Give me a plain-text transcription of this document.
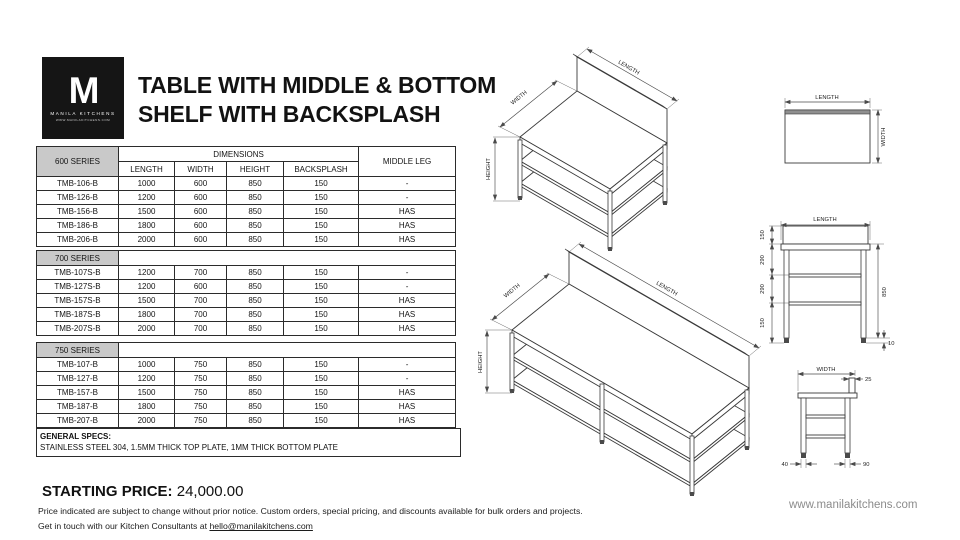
M
MANILA KITCHENS
WWW.MANILAKITCHENS.COM
TABLE WITH MIDDLE & BOTTOM
SHELF WITH BACKSPLASH
600 SERIES	DIMENSIONS				MIDDLE LEG
	LENGTH	WIDTH	HEIGHT	BACKSPLASH	
TMB-106-B	1000	600	850	150	-
TMB-126-B	1200	600	850	150	-
TMB-156-B	1500	600	850	150	HAS
TMB-186-B	1800	600	850	150	HAS
TMB-206-B	2000	600	850	150	HAS
700 SERIES					
TMB-107S-B	1200	700	850	150	-
TMB-127S-B	1200	600	850	150	-
TMB-157S-B	1500	700	850	150	HAS
TMB-187S-B	1800	700	850	150	HAS
TMB-207S-B	2000	700	850	150	HAS
750 SERIES					
TMB-107-B	1000	750	850	150	-
TMB-127-B	1200	750	850	150	-
TMB-157-B	1500	750	850	150	HAS
TMB-187-B	1800	750	850	150	HAS
TMB-207-B	2000	750	850	150	HAS
GENERAL SPECS:
STAINLESS STEEL 304, 1.5MM THICK TOP PLATE, 1MM THICK BOTTOM PLATE
STARTING PRICE: 24,000.00
Price indicated are subject to change without prior notice. Custom orders, special pricing, and discounts available for bulk orders and projects.
Get in touch with our Kitchen Consultants at hello@manilakitchens.com
www.manilakitchens.com
WIDTH
LENGTH
HEIGHT
WIDTH	LENGTH
HEIGHT
LENGTH
WIDTH
LENGTH
150
290
290
150
850
10
WIDTH
25
40	90
